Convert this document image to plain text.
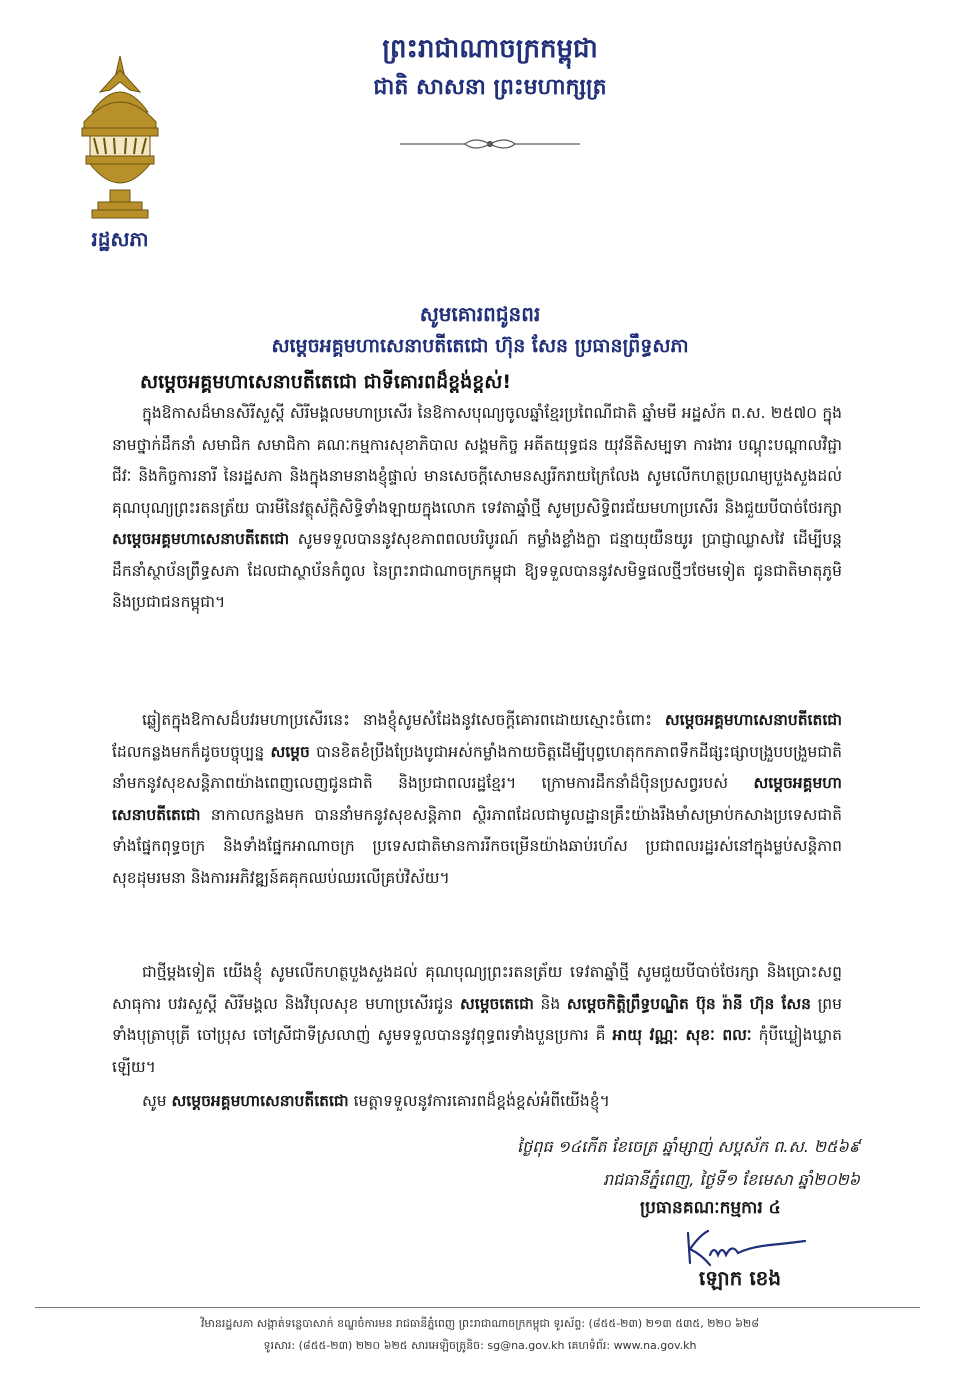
រដ្ឋសភា
ព្រះរាជាណាចក្រកម្ពុជា
ជាតិ សាសនា ព្រះមហាក្សត្រ
សូមគោរពជូនពរ
សម្តេចអគ្គមហាសេនាបតីតេជោ ហ៊ុន សែន ប្រធានព្រឹទ្ធសភា
សម្តេចអគ្គមហាសេនាបតីតេជោ ជាទីគោរពដ៏ខ្ពង់ខ្ពស់!
ក្នុងឱកាសដ៏មានសិរីសួស្តី សិរីមង្គលមហាប្រសើរ នៃឱកាសបុណ្យចូលឆ្នាំខ្មែរប្រពៃណីជាតិ ឆ្នាំមមី អដ្ឋស័ក ព.ស. ២៥៧០ ក្នុងនាមថ្នាក់ដឹកនាំ សមាជិក សមាជិកា គណៈកម្មការសុខាភិបាល សង្គមកិច្ច អតីតយុទ្ធជន យុវនីតិសម្បទា ការងារ បណ្តុះបណ្តាលវិជ្ជាជីវៈ និងកិច្ចការនារី នៃរដ្ឋសភា និងក្នុងនាមនាងខ្ញុំផ្ទាល់ មានសេចក្តីសោមនស្សរីករាយក្រៃលែង សូមលើកហត្ថប្រណម្យបួងសួងដល់គុណបុណ្យព្រះរតនត្រ័យ បារមីនៃវត្ថុស័ក្តិសិទ្ធិទាំងឡាយក្នុងលោក ទេវតាឆ្នាំថ្មី សូមប្រសិទ្ធិពរជ័យមហាប្រសើរ និងជួយបីបាច់ថែរក្សា សម្តេចអគ្គមហាសេនាបតីតេជោ សូមទទួលបាននូវសុខភាពពលបរិបូរណ៍ កម្លាំងខ្លាំងក្លា ជន្មាយុយឺនយូរ ប្រាជ្ញាឈ្លាសវៃ ដើម្បីបន្តដឹកនាំស្ថាប័នព្រឹទ្ធសភា ដែលជាស្ថាប័នកំពូល នៃព្រះរាជាណាចក្រកម្ពុជា ឱ្យទទួលបាននូវសមិទ្ធផលថ្មីៗថែមទៀត ជូនជាតិមាតុភូមិ និងប្រជាជនកម្ពុជា។
ឆ្លៀតក្នុងឱកាសដ៏បវរមហាប្រសើរនេះ នាងខ្ញុំសូមសំដែងនូវសេចក្តីគោរពដោយស្មោះចំពោះ សម្តេចអគ្គមហាសេនាបតីតេជោ ដែលកន្លងមកក៏ដូចបច្ចុប្បន្ន សម្តេច បានខិតខំប្រឹងប្រែងបូជាអស់កម្លាំងកាយចិត្តដើម្បីបុព្វហេតុកកភាពទឹកដីផ្សះផ្សាបង្រួបបង្រួមជាតិ នាំមកនូវសុខសន្តិភាពយ៉ាងពេញលេញជូនជាតិ និងប្រជាពលរដ្ឋខ្មែរ។ ក្រោមការដឹកនាំដ៏ប៉ិនប្រសព្វរបស់ សម្តេចអគ្គមហាសេនាបតីតេជោ នាកាលកន្លងមក បាននាំមកនូវសុខសន្តិភាព ស្ថិរភាពដែលជាមូលដ្ឋានគ្រឹះយ៉ាងរឹងមាំសម្រាប់កសាងប្រទេសជាតិ ទាំងផ្នែកពុទ្ធចក្រ និងទាំងផ្នែកអាណាចក្រ ប្រទេសជាតិមានការរីកចម្រើនយ៉ាងឆាប់រហ័ស ប្រជាពលរដ្ឋរស់នៅក្នុងម្លប់សន្តិភាព សុខដុមរមនា និងការអភិវឌ្ឍន៍គគុកឈប់ឈរលើគ្រប់វិស័យ។
ជាថ្មីម្តងទៀត យើងខ្ញុំ សូមលើកហត្ថបួងសួងដល់ គុណបុណ្យព្រះរតនត្រ័យ ទេវតាឆ្នាំថ្មី សូមជួយបីបាច់ថែរក្សា និងប្រោះសព្ទសាធុការ បវរសួស្តី សិរីមង្គល និងវិបុលសុខ មហាប្រសើរជូន សម្តេចតេជោ និង សម្តេចកិត្តិព្រឹទ្ធបណ្ឌិត ប៊ុន រ៉ានី ហ៊ុន សែន ព្រមទាំងបុត្រាបុត្រី ចៅប្រុស ចៅស្រីជាទីស្រលាញ់ សូមទទួលបាននូវពុទ្ធពរទាំងបួនប្រការ គឺ អាយុ វណ្ណៈ សុខៈ ពលៈ កុំបីឃ្លៀងឃ្លាតឡើយ។
សូម សម្តេចអគ្គមហាសេនាបតីតេជោ មេត្តាទទួលនូវការគោរពដ៏ខ្ពង់ខ្ពស់អំពីយើងខ្ញុំ។
ថ្ងៃពុធ ១៤កើត ខែចេត្រ ឆ្នាំម្សាញ់ សប្តស័ក ព.ស. ២៥៦៩
រាជធានីភ្នំពេញ, ថ្ងៃទី១ ខែមេសា ឆ្នាំ២០២៦
ប្រធានគណៈកម្មការ ៤
ឡោក ខេង
វិមានរដ្ឋសភា សង្កាត់ទន្លេបាសាក់ ខណ្ឌចំការមន រាជធានីភ្នំពេញ ព្រះរាជាណាចក្រកម្ពុជា ទូរស័ព្ទ: (៨៥៥-២៣) ២១៣ ៥៣៥, ២២០ ៦២៨
ទូរសារ: (៨៥៥-២៣) ២២០ ៦២៥ សារអេឡិចត្រូនិច: sg@na.gov.kh គេហទំព័រ: www.na.gov.kh
